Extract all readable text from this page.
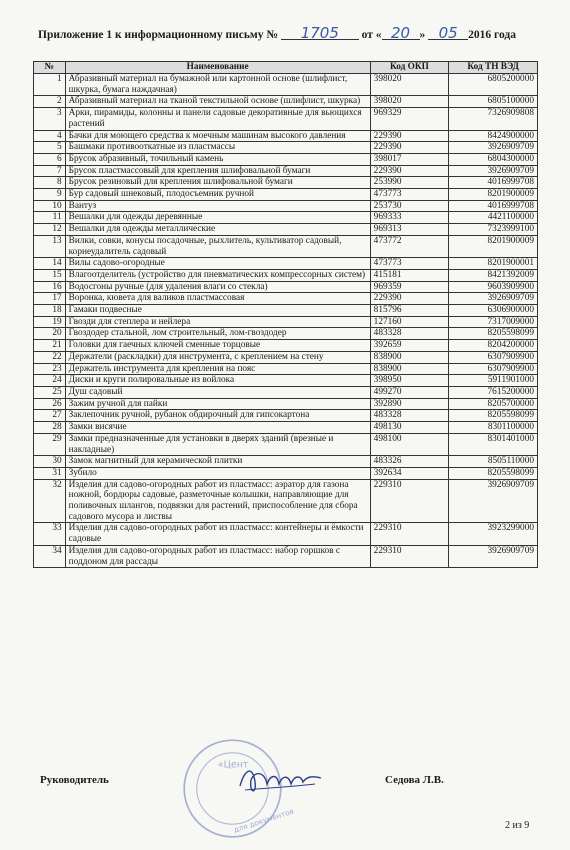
Приложение 1 к информационному письму № 1705 от « 20 » 05 2016 года
№	Наименование	Код ОКП	Код ТН ВЭД
1	Абразивный материал на бумажной или картонной основе (шлифлист, шкурка, бумага наждачная)	398020	6805200000
2	Абразивный материал на тканой текстильной основе (шлифлист, шкурка)	398020	6805100000
3	Арки, пирамиды, колонны и панели садовые декоративные для вьющихся растений	969329	7326909808
4	Бачки для моющего средства к моечным машинам высокого давления	229390	8424900000
5	Башмаки противооткатные из пластмассы	229390	3926909709
6	Брусок абразивный, точильный камень	398017	6804300000
7	Брусок пластмассовый для крепления шлифовальной бумаги	229390	3926909709
8	Брусок резиновый для крепления шлифовальной бумаги	253990	4016999708
9	Бур садовый шнековый, плодосъемник ручной	473773	8201900009
10	Вантуз	253730	4016999708
11	Вешалки для одежды деревянные	969333	4421100000
12	Вешалки для одежды металлические	969313	7323999100
13	Вилки, совки, конусы посадочные, рыхлитель, культиватор садовый, корнеудалитель садовый	473772	8201900009
14	Вилы садово-огородные	473773	8201900001
15	Влагоотделитель (устройство для пневматических компрессорных систем)	415181	8421392009
16	Водосгоны ручные (для удаления влаги со стекла)	969359	9603909900
17	Воронка, кювета для валиков пластмассовая	229390	3926909709
18	Гамаки подвесные	815796	6306900000
19	Гвозди для степлера и нейлера	127160	7317009000
20	Гвоздодер стальной, лом строительный, лом-гвоздодер	483328	8205598099
21	Головки для гаечных ключей сменные торцовые	392659	8204200000
22	Держатели (раскладки) для инструмента, с креплением на стену	838900	6307909900
23	Держатель инструмента для крепления на пояс	838900	6307909900
24	Диски и круги полировальные из войлока	398950	5911901000
25	Душ садовый	499270	7615200000
26	Зажим ручной для пайки	392890	8205700000
27	Заклепочник ручной, рубанок обдирочный для гипсокартона	483328	8205598099
28	Замки висячие	498130	8301100000
29	Замки предназначенные для установки в дверях зданий (врезные и накладные)	498100	8301401000
30	Замок магнитный для керамической плитки	483326	8505110000
31	Зубило	392634	8205598099
32	Изделия для садово-огородных работ из пластмасс: аэратор для газона ножной, бордюры садовые, разметочные колышки, направляющие для поливочных шлангов, подвязки для растений, приспособление для сбора садового мусора и листвы	229310	3926909709
33	Изделия для садово-огородных работ из пластмасс: контейнеры и ёмкости садовые	229310	3923299000
34	Изделия для садово-огородных работ из пластмасс: набор горшков с поддоном для рассады	229310	3926909709
«Цент
для документов
Руководитель	Седова Л.В.
2 из 9
